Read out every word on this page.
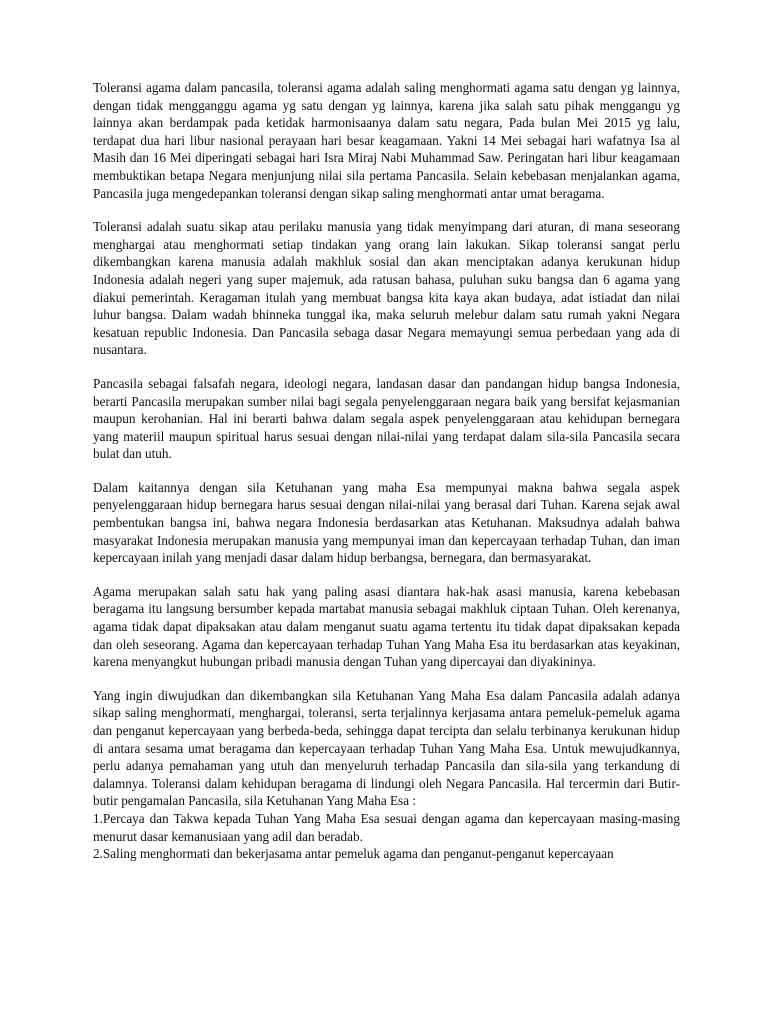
Toleransi agama dalam pancasila, toleransi agama adalah saling menghormati agama satu dengan yg lainnya, dengan tidak mengganggu agama yg satu dengan yg lainnya, karena jika salah satu pihak menggangu yg lainnya akan berdampak pada ketidak harmonisaanya dalam satu negara, Pada bulan Mei 2015 yg lalu, terdapat dua hari libur nasional perayaan hari besar keagamaan. Yakni 14 Mei sebagai hari wafatnya Isa al Masih dan 16 Mei diperingati sebagai hari Isra Miraj Nabi Muhammad Saw. Peringatan hari libur keagamaan membuktikan betapa Negara menjunjung nilai sila pertama Pancasila. Selain kebebasan menjalankan agama, Pancasila juga mengedepankan toleransi dengan sikap saling menghormati antar umat beragama.

Toleransi adalah suatu sikap atau perilaku manusia yang tidak menyimpang dari aturan, di mana seseorang menghargai atau menghormati setiap tindakan yang orang lain lakukan. Sikap toleransi sangat perlu dikembangkan karena manusia adalah makhluk sosial dan akan menciptakan adanya kerukunan hidup Indonesia adalah negeri yang super majemuk, ada ratusan bahasa, puluhan suku bangsa dan 6 agama yang diakui pemerintah. Keragaman itulah yang membuat bangsa kita kaya akan budaya, adat istiadat dan nilai luhur bangsa. Dalam wadah bhinneka tunggal ika, maka seluruh melebur dalam satu rumah yakni Negara kesatuan republic Indonesia. Dan Pancasila sebaga dasar Negara memayungi semua perbedaan yang ada di nusantara.

Pancasila sebagai falsafah negara, ideologi negara, landasan dasar dan pandangan hidup bangsa Indonesia, berarti Pancasila merupakan sumber nilai bagi segala penyelenggaraan negara baik yang bersifat kejasmanian maupun kerohanian. Hal ini berarti bahwa dalam segala aspek penyelenggaraan atau kehidupan bernegara yang materiil maupun spiritual harus sesuai dengan nilai-nilai yang terdapat dalam sila-sila Pancasila secara bulat dan utuh.

Dalam kaitannya dengan sila Ketuhanan yang maha Esa mempunyai makna bahwa segala aspek penyelenggaraan hidup bernegara harus sesuai dengan nilai-nilai yang berasal dari Tuhan. Karena sejak awal pembentukan bangsa ini, bahwa negara Indonesia berdasarkan atas Ketuhanan. Maksudnya adalah bahwa masyarakat Indonesia merupakan manusia yang mempunyai iman dan kepercayaan terhadap Tuhan, dan iman kepercayaan inilah yang menjadi dasar dalam hidup berbangsa, bernegara, dan bermasyarakat.

Agama merupakan salah satu hak yang paling asasi diantara hak-hak asasi manusia, karena kebebasan beragama itu langsung bersumber kepada martabat manusia sebagai makhluk ciptaan Tuhan. Oleh kerenanya, agama tidak dapat dipaksakan atau dalam menganut suatu agama tertentu itu tidak dapat dipaksakan kepada dan oleh seseorang. Agama dan kepercayaan terhadap Tuhan Yang Maha Esa itu berdasarkan atas keyakinan, karena menyangkut hubungan pribadi manusia dengan Tuhan yang dipercayai dan diyakininya.

Yang ingin diwujudkan dan dikembangkan sila Ketuhanan Yang Maha Esa dalam Pancasila adalah adanya sikap saling menghormati, menghargai, toleransi, serta terjalinnya kerjasama antara pemeluk-pemeluk agama dan penganut kepercayaan yang berbeda-beda, sehingga dapat tercipta dan selalu terbinanya kerukunan hidup di antara sesama umat beragama dan kepercayaan terhadap Tuhan Yang Maha Esa. Untuk mewujudkannya, perlu adanya pemahaman yang utuh dan menyeluruh terhadap Pancasila dan sila-sila yang terkandung di dalamnya. Toleransi dalam kehidupan beragama di lindungi oleh Negara Pancasila. Hal tercermin dari Butir-butir pengamalan Pancasila, sila Ketuhanan Yang Maha Esa :

1.Percaya dan Takwa kepada Tuhan Yang Maha Esa sesuai dengan agama dan kepercayaan masing-masing menurut dasar kemanusiaan yang adil dan beradab.

2.Saling menghormati dan bekerjasama antar pemeluk agama dan penganut-penganut kepercayaan
